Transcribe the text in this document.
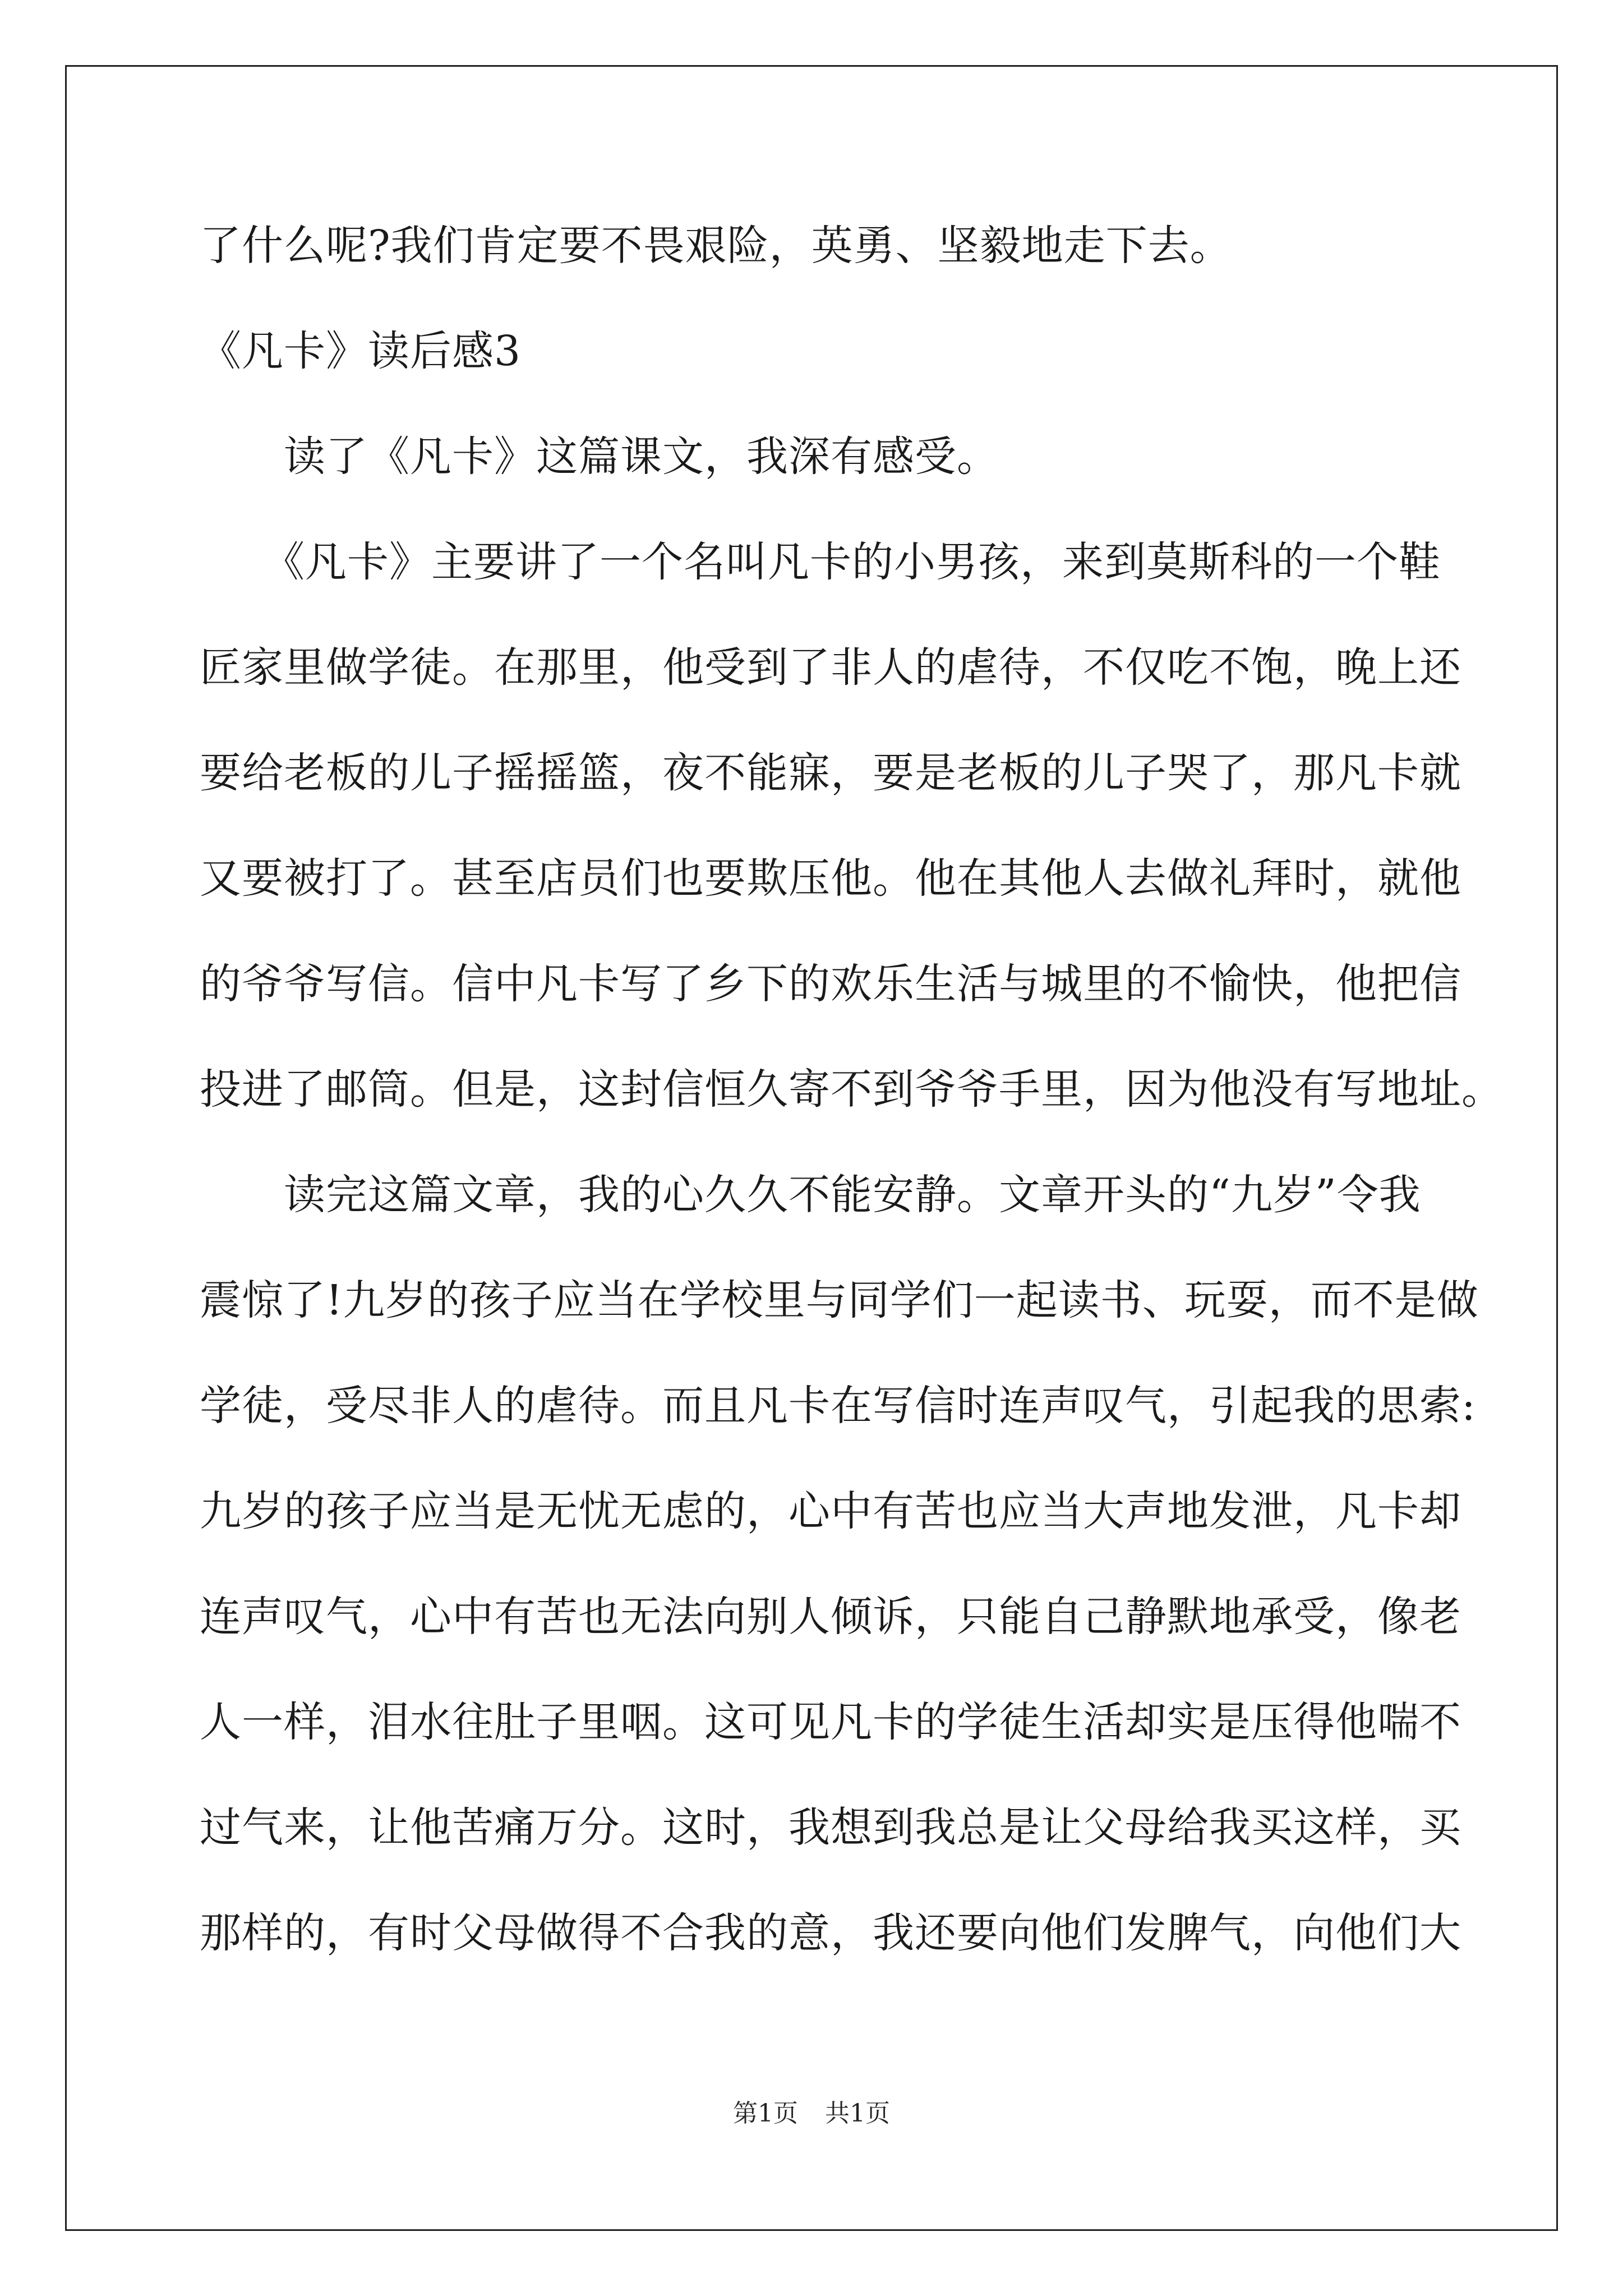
了什么呢?我们肯定要不畏艰险，英勇、坚毅地走下去。
《凡卡》读后感3
　　读了《凡卡》这篇课文，我深有感受。
　　《凡卡》主要讲了一个名叫凡卡的小男孩，来到莫斯科的一个鞋
匠家里做学徒。在那里，他受到了非人的虐待，不仅吃不饱，晚上还
要给老板的儿子摇摇篮，夜不能寐，要是老板的儿子哭了，那凡卡就
又要被打了。甚至店员们也要欺压他。他在其他人去做礼拜时，就他
的爷爷写信。信中凡卡写了乡下的欢乐生活与城里的不愉快，他把信
投进了邮筒。但是，这封信恒久寄不到爷爷手里，因为他没有写地址。
　　读完这篇文章，我的心久久不能安静。文章开头的“九岁”令我
震惊了!九岁的孩子应当在学校里与同学们一起读书、玩耍，而不是做
学徒，受尽非人的虐待。而且凡卡在写信时连声叹气，引起我的思索:
九岁的孩子应当是无忧无虑的，心中有苦也应当大声地发泄，凡卡却
连声叹气，心中有苦也无法向别人倾诉，只能自己静默地承受，像老
人一样，泪水往肚子里咽。这可见凡卡的学徒生活却实是压得他喘不
过气来，让他苦痛万分。这时，我想到我总是让父母给我买这样，买
那样的，有时父母做得不合我的意，我还要向他们发脾气，向他们大
第1页 共1页
